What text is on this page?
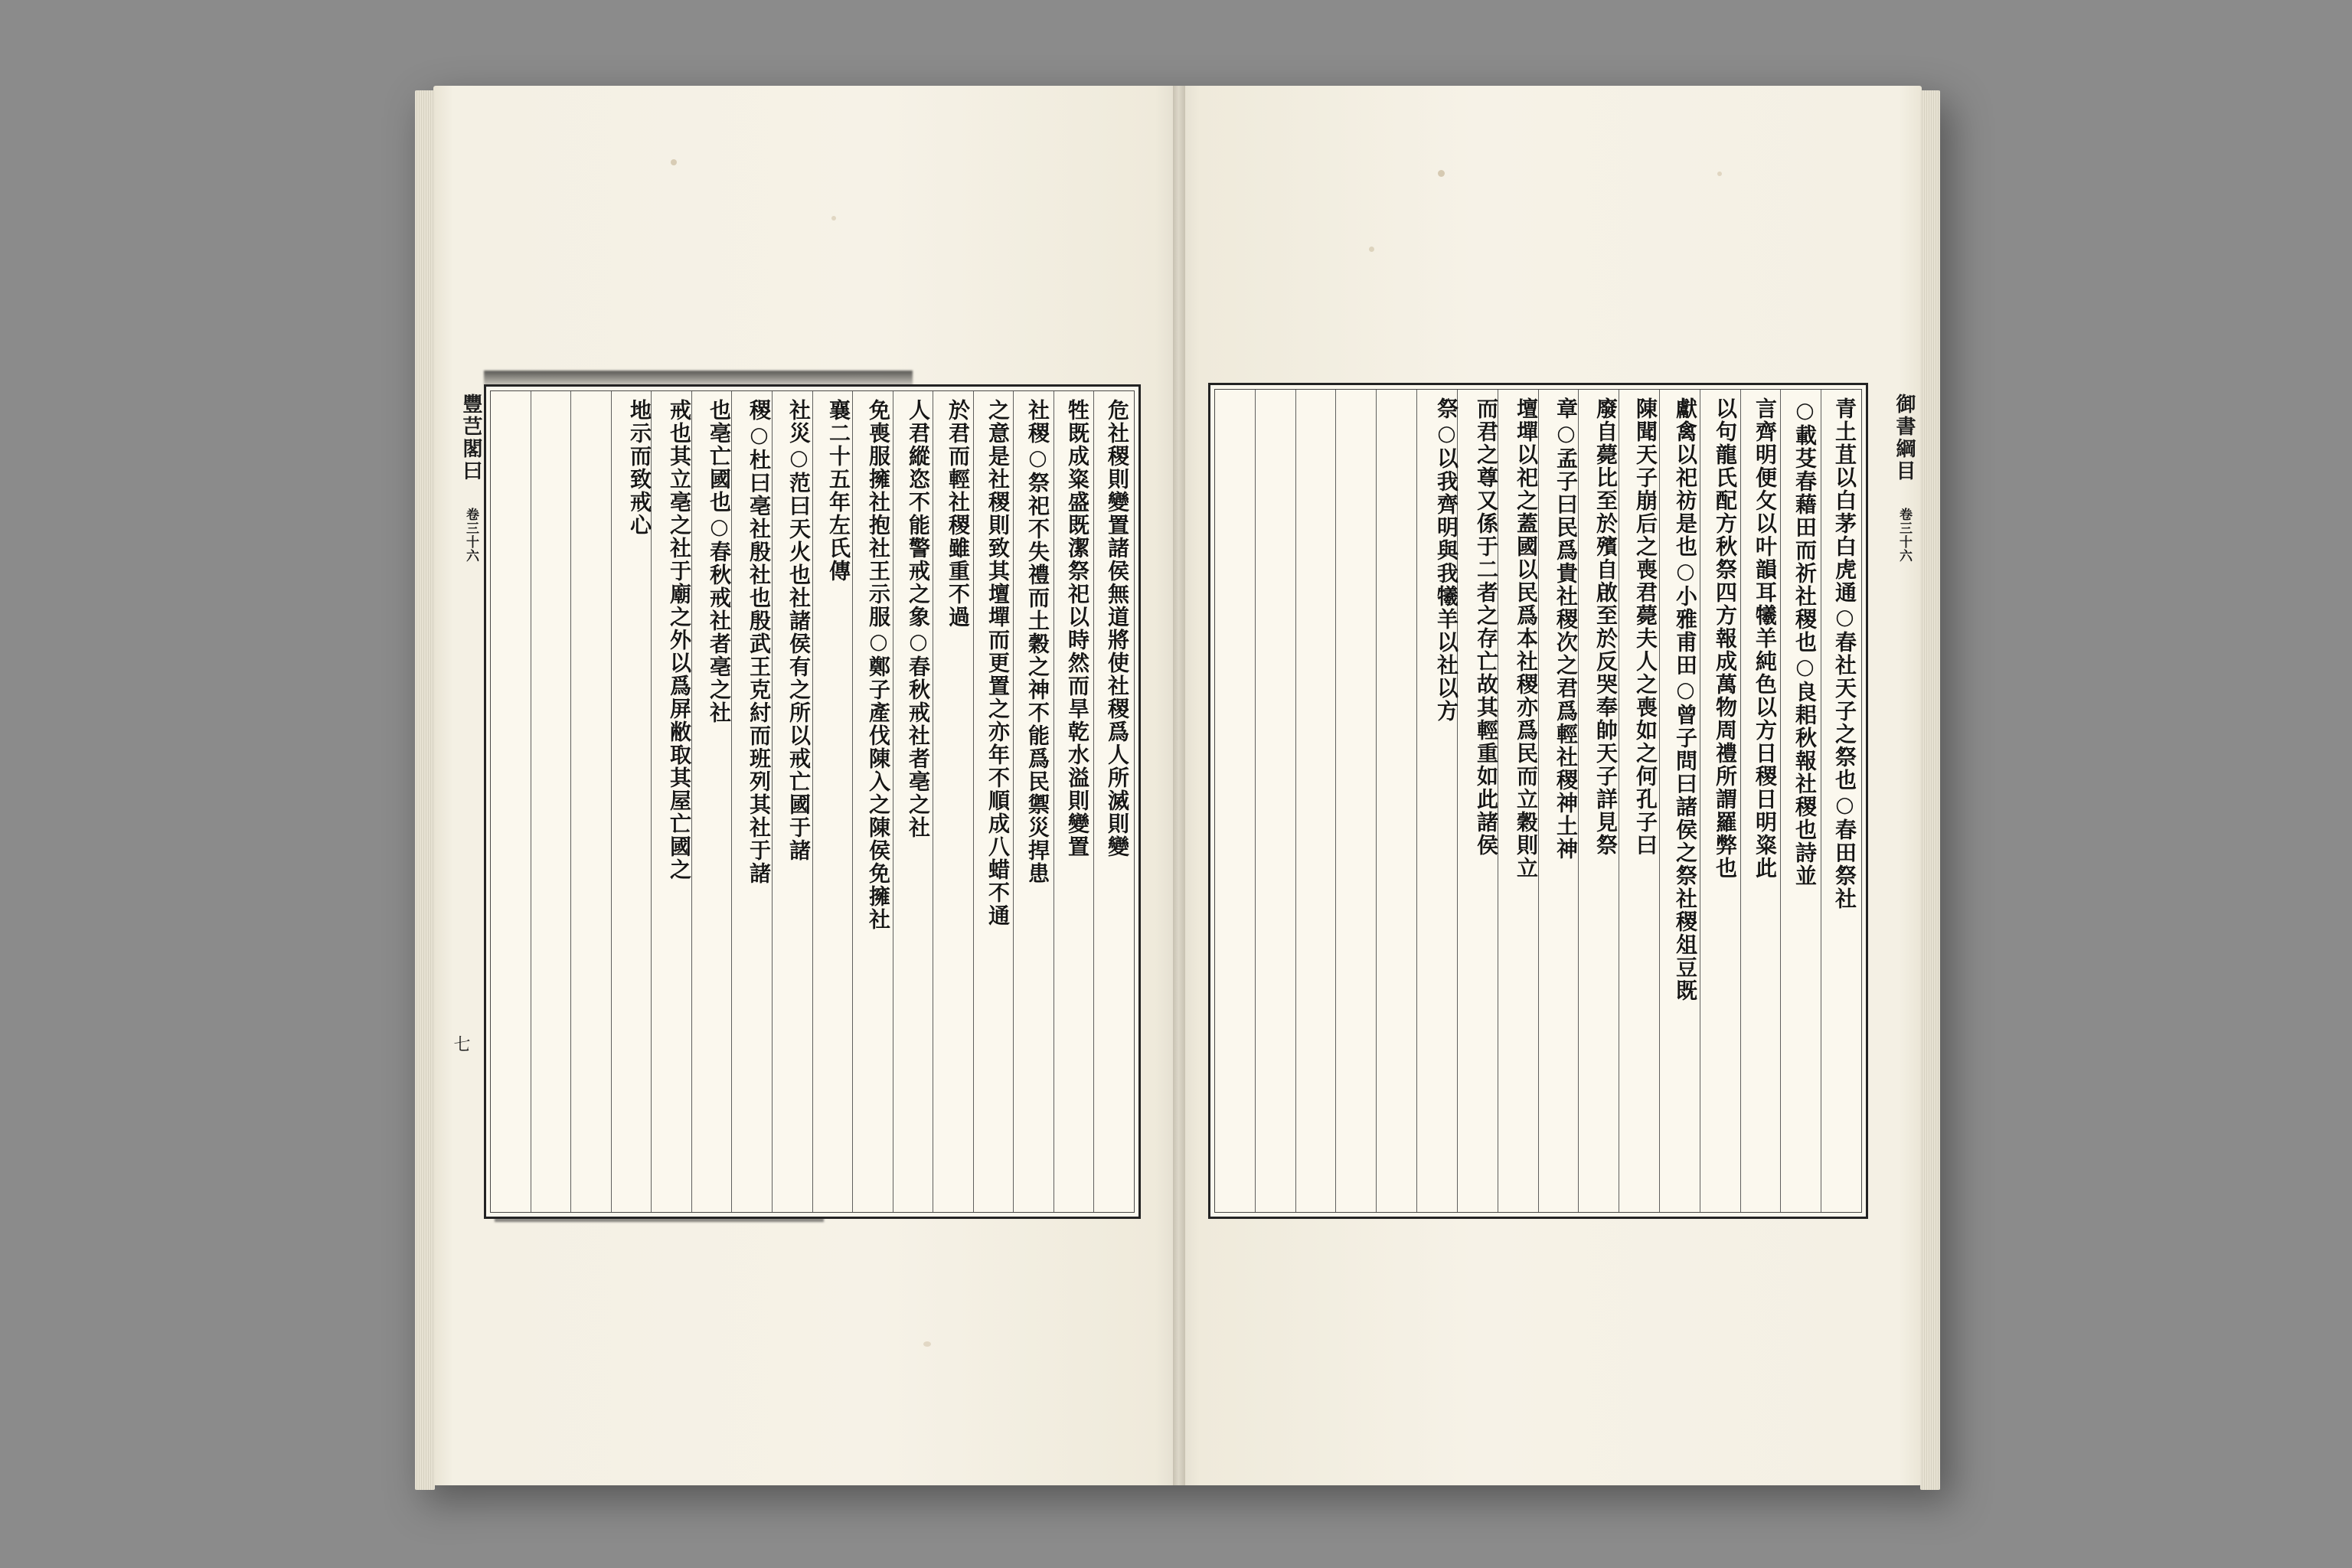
豐芑閣曰 卷三十六
七
危社稷則變置諸侯無道將使社稷爲人所滅則變
牲既成粢盛既潔祭祀以時然而旱乾水溢則變置
社稷○祭祀不失禮而土穀之神不能爲民禦災捍患
之意是社稷則致其壇墠而更置之亦年不順成八蜡不通
於君而輕社稷雖重不過
人君縱恣不能警戒之象○春秋戒社者亳之社
免喪服擁社抱社王示服○鄭子產伐陳入之陳侯免擁社
襄二十五年左氏傳
社災○范曰天火也社諸侯有之所以戒亡國于諸
稷○杜曰亳社殷社也殷武王克紂而班列其社于諸
也亳亡國也○春秋戒社者亳之社
戒也其立亳之社于廟之外以爲屏敝取其屋亡國之
地示而致戒心	御書綱目 卷三十六
青土苴以白茅白虎通○春社天子之祭也○春田祭社
○載芟春藉田而祈社稷也○良耜秋報社稷也詩並
言齊明便攵以叶韻耳犧羊純色以方日稷日明粢此
以句龍氏配方秋祭四方報成萬物周禮所謂羅弊也
獻禽以祀祊是也○小雅甫田○曾子問曰諸侯之祭社稷俎豆既
陳聞天子崩后之喪君薨夫人之喪如之何孔子曰
廢自薨比至於殯自啟至於反哭奉帥天子詳見祭
章○孟子曰民爲貴社稷次之君爲輕社稷神土神
壇墠以祀之蓋國以民爲本社稷亦爲民而立穀則立
而君之尊又係于二者之存亡故其輕重如此諸侯
祭○以我齊明與我犧羊以社以方
